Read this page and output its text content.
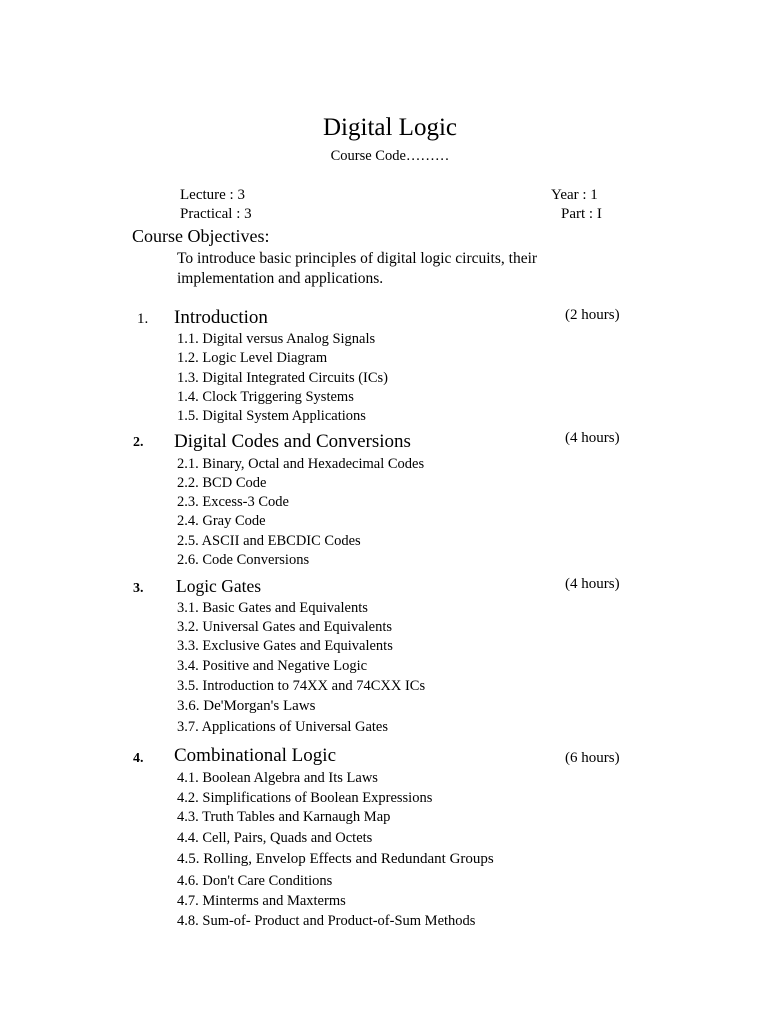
Digital Logic
Course Code………
Lecture : 3
Practical : 3
Year : 1
Part : I
Course Objectives:
To introduce basic principles of digital logic circuits, their implementation and applications.
1. Introduction	(2 hours)
1.1. Digital versus Analog Signals
1.2. Logic Level Diagram
1.3. Digital Integrated Circuits (ICs)
1.4. Clock Triggering Systems
1.5. Digital System Applications
2. Digital Codes and Conversions	(4 hours)
2.1. Binary, Octal and Hexadecimal Codes
2.2. BCD Code
2.3. Excess-3 Code
2.4. Gray Code
2.5. ASCII and EBCDIC Codes
2.6. Code Conversions
3. Logic Gates	(4 hours)
3.1. Basic Gates and Equivalents
3.2. Universal Gates and Equivalents
3.3. Exclusive Gates and Equivalents
3.4. Positive and Negative Logic
3.5. Introduction to 74XX and 74CXX ICs
3.6. De'Morgan's Laws
3.7. Applications of Universal Gates
4. Combinational Logic	(6 hours)
4.1. Boolean Algebra and Its Laws
4.2. Simplifications of Boolean Expressions
4.3. Truth Tables and Karnaugh Map
4.4. Cell, Pairs, Quads and Octets
4.5. Rolling, Envelop Effects and Redundant Groups
4.6. Don't Care Conditions
4.7. Minterms and Maxterms
4.8. Sum-of- Product and Product-of-Sum Methods
